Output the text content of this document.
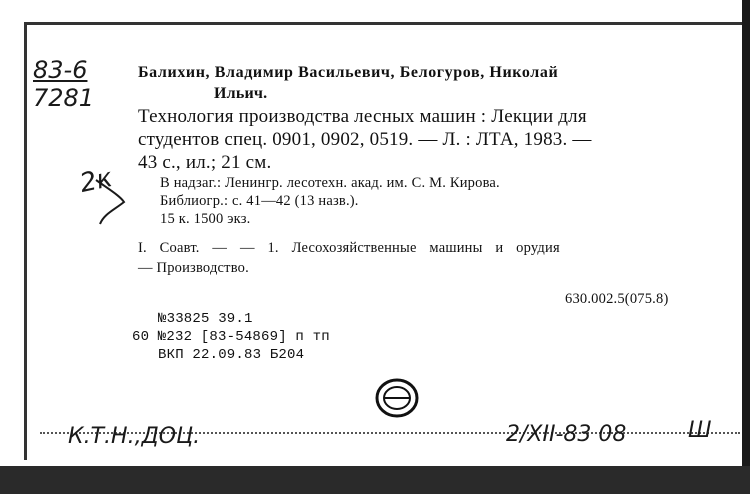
83-6
7281
Балихин, Владимир Васильевич, Белогуров, Николай
Ильич.
Технология производства лесных машин : Лекции для
студентов спец. 0901, 0902, 0519. — Л. : ЛТА, 1983. —
43 с., ил.; 21 см.
2к	В надзаг.: Ленингр. лесотехн. акад. им. С. М. Кирова.
Библиогр.: с. 41—42 (13 назв.).
15 к. 1500 экз.
I. Соавт. — — 1. Лесохозяйственные машины и орудия
— Производство.
630.002.5(075.8)
№33825 39.1
60 №232 [83-54869] п тп
ВКП 22.09.83 Б204
К.Т.Н.,ДОЦ.	2/XII-83 08	Ш
